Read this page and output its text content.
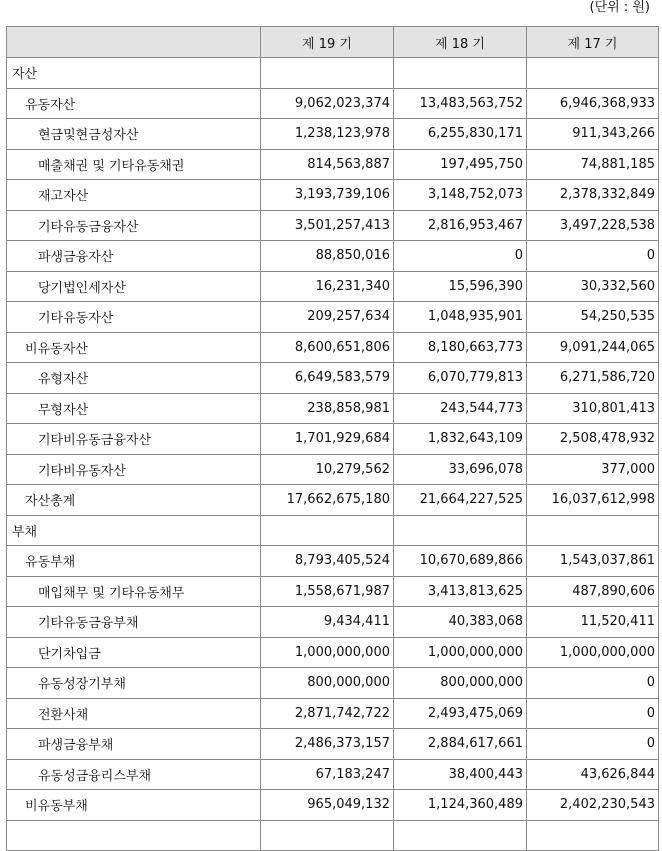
(단위 : 원)
	제 19 기	제 18 기	제 17 기
자산			
유동자산	9,062,023,374	13,483,563,752	6,946,368,933
현금및현금성자산	1,238,123,978	6,255,830,171	911,343,266
매출채권 및 기타유동채권	814,563,887	197,495,750	74,881,185
재고자산	3,193,739,106	3,148,752,073	2,378,332,849
기타유동금융자산	3,501,257,413	2,816,953,467	3,497,228,538
파생금융자산	88,850,016	0	0
당기법인세자산	16,231,340	15,596,390	30,332,560
기타유동자산	209,257,634	1,048,935,901	54,250,535
비유동자산	8,600,651,806	8,180,663,773	9,091,244,065
유형자산	6,649,583,579	6,070,779,813	6,271,586,720
무형자산	238,858,981	243,544,773	310,801,413
기타비유동금융자산	1,701,929,684	1,832,643,109	2,508,478,932
기타비유동자산	10,279,562	33,696,078	377,000
자산총계	17,662,675,180	21,664,227,525	16,037,612,998
부채			
유동부채	8,793,405,524	10,670,689,866	1,543,037,861
매입채무 및 기타유동채무	1,558,671,987	3,413,813,625	487,890,606
기타유동금융부채	9,434,411	40,383,068	11,520,411
단기차입금	1,000,000,000	1,000,000,000	1,000,000,000
유동성장기부채	800,000,000	800,000,000	0
전환사채	2,871,742,722	2,493,475,069	0
파생금융부채	2,486,373,157	2,884,617,661	0
유동성금융리스부채	67,183,247	38,400,443	43,626,844
비유동부채	965,049,132	1,124,360,489	2,402,230,543
